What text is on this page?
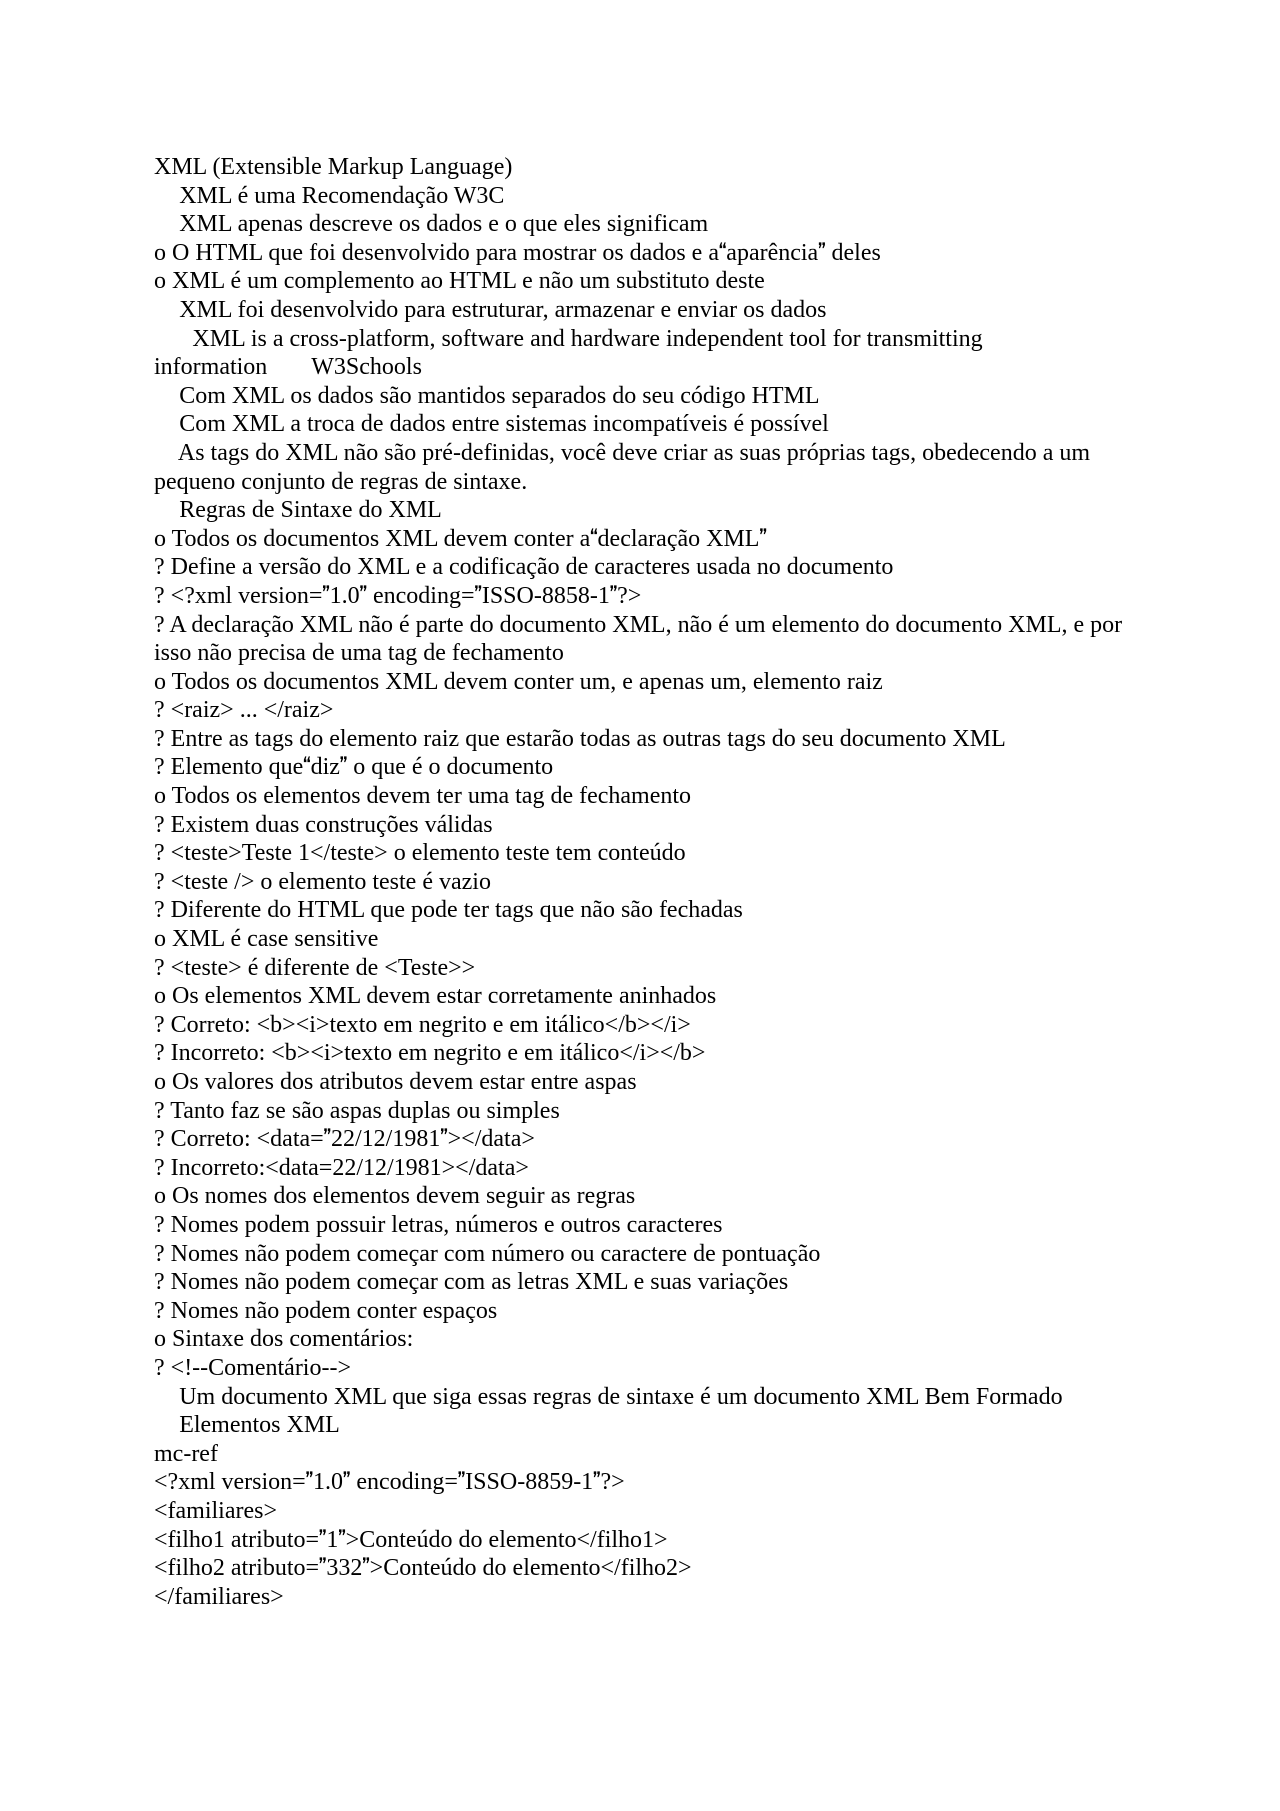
XML (Extensible Markup Language)

 XML é uma Recomendação W3C

 XML apenas descreve os dados e o que eles significam

o O HTML que foi desenvolvido para mostrar os dados e aaparência deles

o XML é um complemento ao HTML e não um substituto deste

 XML foi desenvolvido para estruturar, armazenar e enviar os dados

XML is a cross-platform, software and hardware independent tool for transmitting information W3Schools

 Com XML os dados são mantidos separados do seu código HTML

 Com XML a troca de dados entre sistemas incompatíveis é possível

 As tags do XML não são pré-definidas, você deve criar as suas próprias tags, obedecendo a um pequeno conjunto de regras de sintaxe.

 Regras de Sintaxe do XML

o Todos os documentos XML devem conter adeclaração XML

? Define a versão do XML e a codificação de caracteres usada no documento

? <?xml version=1.0 encoding=ISSO-8858-1?>

? A declaração XML não é parte do documento XML, não é um elemento do documento XML, e por isso não precisa de uma tag de fechamento

o Todos os documentos XML devem conter um, e apenas um, elemento raiz

? <raiz> ... </raiz>

? Entre as tags do elemento raiz que estarão todas as outras tags do seu documento XML

? Elemento quediz o que é o documento

o Todos os elementos devem ter uma tag de fechamento

? Existem duas construções válidas

? <teste>Teste 1</teste> o elemento teste tem conteúdo

? <teste /> o elemento teste é vazio

? Diferente do HTML que pode ter tags que não são fechadas

o XML é case sensitive

? <teste> é diferente de <Teste>>

o Os elementos XML devem estar corretamente aninhados

? Correto: <b><i>texto em negrito e em itálico</b></i>

? Incorreto: <b><i>texto em negrito e em itálico</i></b>

o Os valores dos atributos devem estar entre aspas

? Tanto faz se são aspas duplas ou simples

? Correto: <data=22/12/1981></data>

? Incorreto:<data=22/12/1981></data>

o Os nomes dos elementos devem seguir as regras

? Nomes podem possuir letras, números e outros caracteres

? Nomes não podem começar com número ou caractere de pontuação

? Nomes não podem começar com as letras XML e suas variações

? Nomes não podem conter espaços

o Sintaxe dos comentários:

? <!--Comentário-->

 Um documento XML que siga essas regras de sintaxe é um documento XML Bem Formado

 Elementos XML

mc-ref

<?xml version=1.0 encoding=ISSO-8859-1?>

<familiares>

<filho1 atributo=1>Conteúdo do elemento</filho1>

<filho2 atributo=332>Conteúdo do elemento</filho2>

</familiares>
